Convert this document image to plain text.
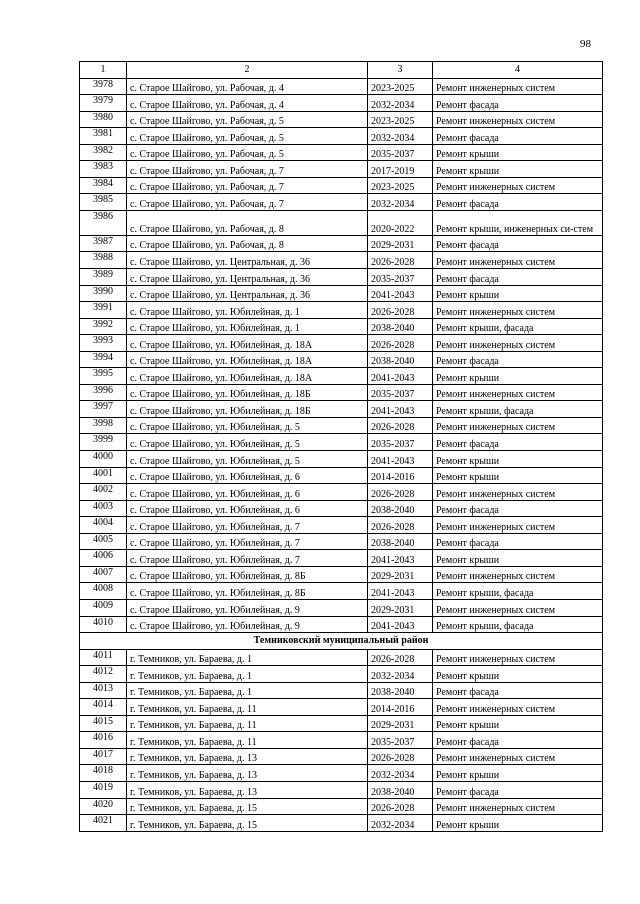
98
1	2	3	4
3978	с. Старое Шайгово, ул. Рабочая, д. 4	2023-2025	Ремонт инженерных систем
3979	с. Старое Шайгово, ул. Рабочая, д. 4	2032-2034	Ремонт фасада
3980	с. Старое Шайгово, ул. Рабочая, д. 5	2023-2025	Ремонт инженерных систем
3981	с. Старое Шайгово, ул. Рабочая, д. 5	2032-2034	Ремонт фасада
3982	с. Старое Шайгово, ул. Рабочая, д. 5	2035-2037	Ремонт крыши
3983	с. Старое Шайгово, ул. Рабочая, д. 7	2017-2019	Ремонт крыши
3984	с. Старое Шайгово, ул. Рабочая, д. 7	2023-2025	Ремонт инженерных систем
3985	с. Старое Шайгово, ул. Рабочая, д. 7	2032-2034	Ремонт фасада
3986	с. Старое Шайгово, ул. Рабочая, д. 8	2020-2022	Ремонт крыши, инженерных си-стем
3987	с. Старое Шайгово, ул. Рабочая, д. 8	2029-2031	Ремонт фасада
3988	с. Старое Шайгово, ул. Центральная, д. 36	2026-2028	Ремонт инженерных систем
3989	с. Старое Шайгово, ул. Центральная, д. 36	2035-2037	Ремонт фасада
3990	с. Старое Шайгово, ул. Центральная, д. 36	2041-2043	Ремонт крыши
3991	с. Старое Шайгово, ул. Юбилейная, д. 1	2026-2028	Ремонт инженерных систем
3992	с. Старое Шайгово, ул. Юбилейная, д. 1	2038-2040	Ремонт крыши, фасада
3993	с. Старое Шайгово, ул. Юбилейная, д. 18А	2026-2028	Ремонт инженерных систем
3994	с. Старое Шайгово, ул. Юбилейная, д. 18А	2038-2040	Ремонт фасада
3995	с. Старое Шайгово, ул. Юбилейная, д. 18А	2041-2043	Ремонт крыши
3996	с. Старое Шайгово, ул. Юбилейная, д. 18Б	2035-2037	Ремонт инженерных систем
3997	с. Старое Шайгово, ул. Юбилейная, д. 18Б	2041-2043	Ремонт крыши, фасада
3998	с. Старое Шайгово, ул. Юбилейная, д. 5	2026-2028	Ремонт инженерных систем
3999	с. Старое Шайгово, ул. Юбилейная, д. 5	2035-2037	Ремонт фасада
4000	с. Старое Шайгово, ул. Юбилейная, д. 5	2041-2043	Ремонт крыши
4001	с. Старое Шайгово, ул. Юбилейная, д. 6	2014-2016	Ремонт крыши
4002	с. Старое Шайгово, ул. Юбилейная, д. 6	2026-2028	Ремонт инженерных систем
4003	с. Старое Шайгово, ул. Юбилейная, д. 6	2038-2040	Ремонт фасада
4004	с. Старое Шайгово, ул. Юбилейная, д. 7	2026-2028	Ремонт инженерных систем
4005	с. Старое Шайгово, ул. Юбилейная, д. 7	2038-2040	Ремонт фасада
4006	с. Старое Шайгово, ул. Юбилейная, д. 7	2041-2043	Ремонт крыши
4007	с. Старое Шайгово, ул. Юбилейная, д. 8Б	2029-2031	Ремонт инженерных систем
4008	с. Старое Шайгово, ул. Юбилейная, д. 8Б	2041-2043	Ремонт крыши, фасада
4009	с. Старое Шайгово, ул. Юбилейная, д. 9	2029-2031	Ремонт инженерных систем
4010	с. Старое Шайгово, ул. Юбилейная, д. 9	2041-2043	Ремонт крыши, фасада
Темниковский муниципальный район			
4011	г. Темников, ул. Бараева, д. 1	2026-2028	Ремонт инженерных систем
4012	г. Темников, ул. Бараева, д. 1	2032-2034	Ремонт крыши
4013	г. Темников, ул. Бараева, д. 1	2038-2040	Ремонт фасада
4014	г. Темников, ул. Бараева, д. 11	2014-2016	Ремонт инженерных систем
4015	г. Темников, ул. Бараева, д. 11	2029-2031	Ремонт крыши
4016	г. Темников, ул. Бараева, д. 11	2035-2037	Ремонт фасада
4017	г. Темников, ул. Бараева, д. 13	2026-2028	Ремонт инженерных систем
4018	г. Темников, ул. Бараева, д. 13	2032-2034	Ремонт крыши
4019	г. Темников, ул. Бараева, д. 13	2038-2040	Ремонт фасада
4020	г. Темников, ул. Бараева, д. 15	2026-2028	Ремонт инженерных систем
4021	г. Темников, ул. Бараева, д. 15	2032-2034	Ремонт крыши
